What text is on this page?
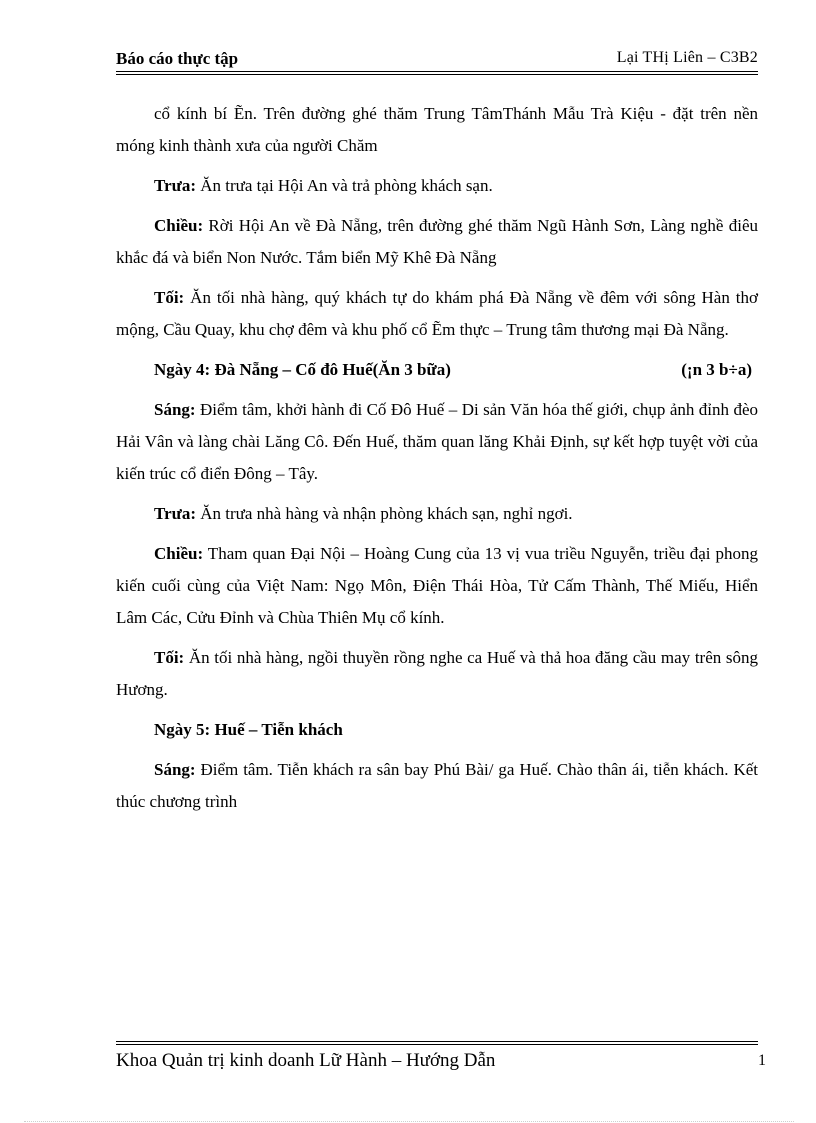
Báo cáo thực tập	Lại THị Liên – C3B2

cổ kính bí Ẽn. Trên đường ghé thăm Trung TâmThánh Mẫu Trà Kiệu - đặt trên nền móng kinh thành xưa của người Chăm

Trưa: Ăn trưa tại Hội An và trả phòng khách sạn.

Chiều: Rời Hội An về Đà Nẵng, trên đường ghé thăm Ngũ Hành Sơn, Làng nghề điêu khắc đá và biển Non Nước. Tắm biển Mỹ Khê Đà Nẵng

Tối: Ăn tối nhà hàng, quý khách tự do khám phá Đà Nẵng về đêm với sông Hàn thơ mộng, Cầu Quay, khu chợ đêm và khu phố cổ Ẽm thực – Trung tâm thương mại Đà Nẵng.

Ngày 4: Đà Nẵng – Cố đô Huế(Ăn 3 bữa)	(¡n 3 b÷a)

Sáng: Điểm tâm, khởi hành đi Cố Đô Huế – Di sản Văn hóa thế giới, chụp ảnh đỉnh đèo Hải Vân và làng chài Lăng Cô. Đến Huế, thăm quan lăng Khải Định, sự kết hợp tuyệt vời của kiến trúc cổ điển Đông – Tây.

Trưa: Ăn trưa nhà hàng và nhận phòng khách sạn, nghỉ ngơi.

Chiều: Tham quan Đại Nội – Hoàng Cung của 13 vị vua triều Nguyễn, triều đại phong kiến cuối cùng của Việt Nam: Ngọ Môn, Điện Thái Hòa, Tử Cấm Thành, Thế Miếu, Hiển Lâm Các, Cửu Đỉnh và Chùa Thiên Mụ cổ kính.

Tối: Ăn tối nhà hàng, ngồi thuyền rồng nghe ca Huế và thả hoa đăng cầu may trên sông Hương.

Ngày 5: Huế – Tiễn khách

Sáng: Điểm tâm. Tiễn khách ra sân bay Phú Bài/ ga Huế. Chào thân ái, tiễn khách. Kết thúc chương trình

Khoa Quản trị kinh doanh Lữ Hành – Hướng Dẫn	1
